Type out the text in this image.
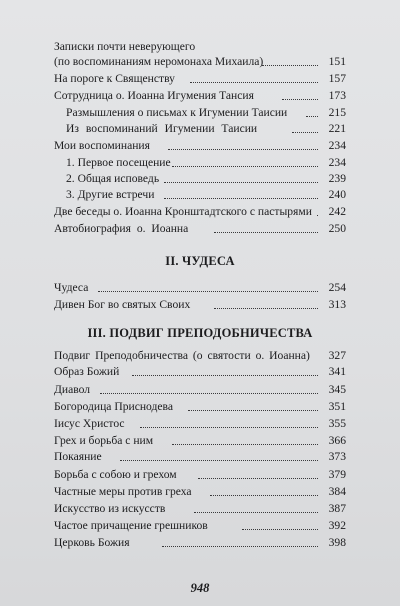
Записки почти неверующего
(по воспоминаниям неромонаха Михаила)	151
На пороге к Священству	157
Сотрудница о. Иоанна Игумения Тансия	173
Размышления о письмах к Игумении Таисии	215
Из воспоминаний Игумении Таисии	221
Мои воспоминания	234
1. Первое посещение	234
2. Общая исповедь	239
3. Другие встречи	240
Две беседы о. Иоанна Кронштадтского с пастырями 242
Автобиография о. Иоанна	250
II. ЧУДЕСА
Чудеса	254
Дивен Бог во святых Своих	313
III. ПОДВИГ ПРЕПОДОБНИЧЕСТВА
Подвиг Преподобничества (о святости о. Иоанна) 327
Образ Божий	341
Диавол	345
Богородица Приснодева	351
Iисус Христос	355
Грех и борьба с ним	366
Покаяние	373
Борьба с собою и грехом	379
Частные меры против греха	384
Искусство из искусств	387
Частое причащение грешников	392
Церковь Божия	398
948
